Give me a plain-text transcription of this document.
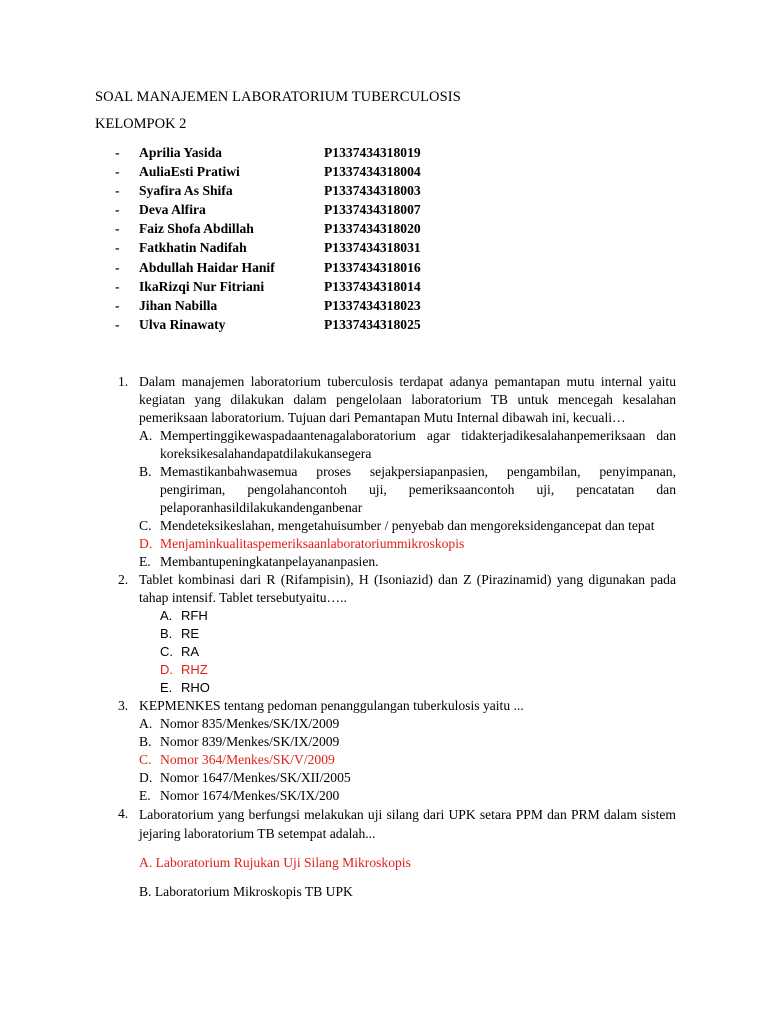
SOAL MANAJEMEN LABORATORIUM TUBERCULOSIS
KELOMPOK 2
- Aprilia Yasida	P1337434318019
- AuliaEsti Pratiwi	P1337434318004
- Syafira As Shifa	P1337434318003
- Deva Alfira	P1337434318007
- Faiz Shofa Abdillah	P1337434318020
- Fatkhatin Nadifah	P1337434318031
- Abdullah Haidar Hanif	P1337434318016
- IkaRizqi Nur Fitriani	P1337434318014
- Jihan Nabilla	P1337434318023
- Ulva Rinawaty	P1337434318025
1. Dalam manajemen laboratorium tuberculosis terdapat adanya pemantapan mutu internal yaitu kegiatan yang dilakukan dalam pengelolaan laboratorium TB untuk mencegah kesalahan pemeriksaan laboratorium. Tujuan dari Pemantapan Mutu Internal dibawah ini, kecuali…
A. Mempertinggikewaspadaantenagalaboratorium agar tidakterjadikesalahanpemeriksaan dan koreksikesalahandapatdilakukansegera
B. Memastikanbahwasemua proses sejakpersiapanpasien, pengambilan, penyimpanan, pengiriman, pengolahancontoh uji, pemeriksaancontoh uji, pencatatan dan pelaporanhasildilakukandenganbenar
C. Mendeteksikeslahan, mengetahuisumber / penyebab dan mengoreksidengancepat dan tepat
D. Menjaminkualitaspemeriksaanlaboratoriummikroskopis
E. Membantupeningkatanpelayananpasien.
2. Tablet kombinasi dari R (Rifampisin), H (Isoniazid) dan Z (Pirazinamid) yang digunakan pada tahap intensif. Tablet tersebutyaitu…..
A. RFH
B. RE
C. RA
D. RHZ
E. RHO
3. KEPMENKES tentang pedoman penanggulangan tuberkulosis yaitu ...
A. Nomor 835/Menkes/SK/IX/2009
B. Nomor 839/Menkes/SK/IX/2009
C. Nomor 364/Menkes/SK/V/2009
D. Nomor 1647/Menkes/SK/XII/2005
E. Nomor 1674/Menkes/SK/IX/200
4. Laboratorium yang berfungsi melakukan uji silang dari UPK setara PPM dan PRM dalam sistem jejaring laboratorium TB setempat adalah...
A. Laboratorium Rujukan Uji Silang Mikroskopis
B. Laboratorium Mikroskopis TB UPK
